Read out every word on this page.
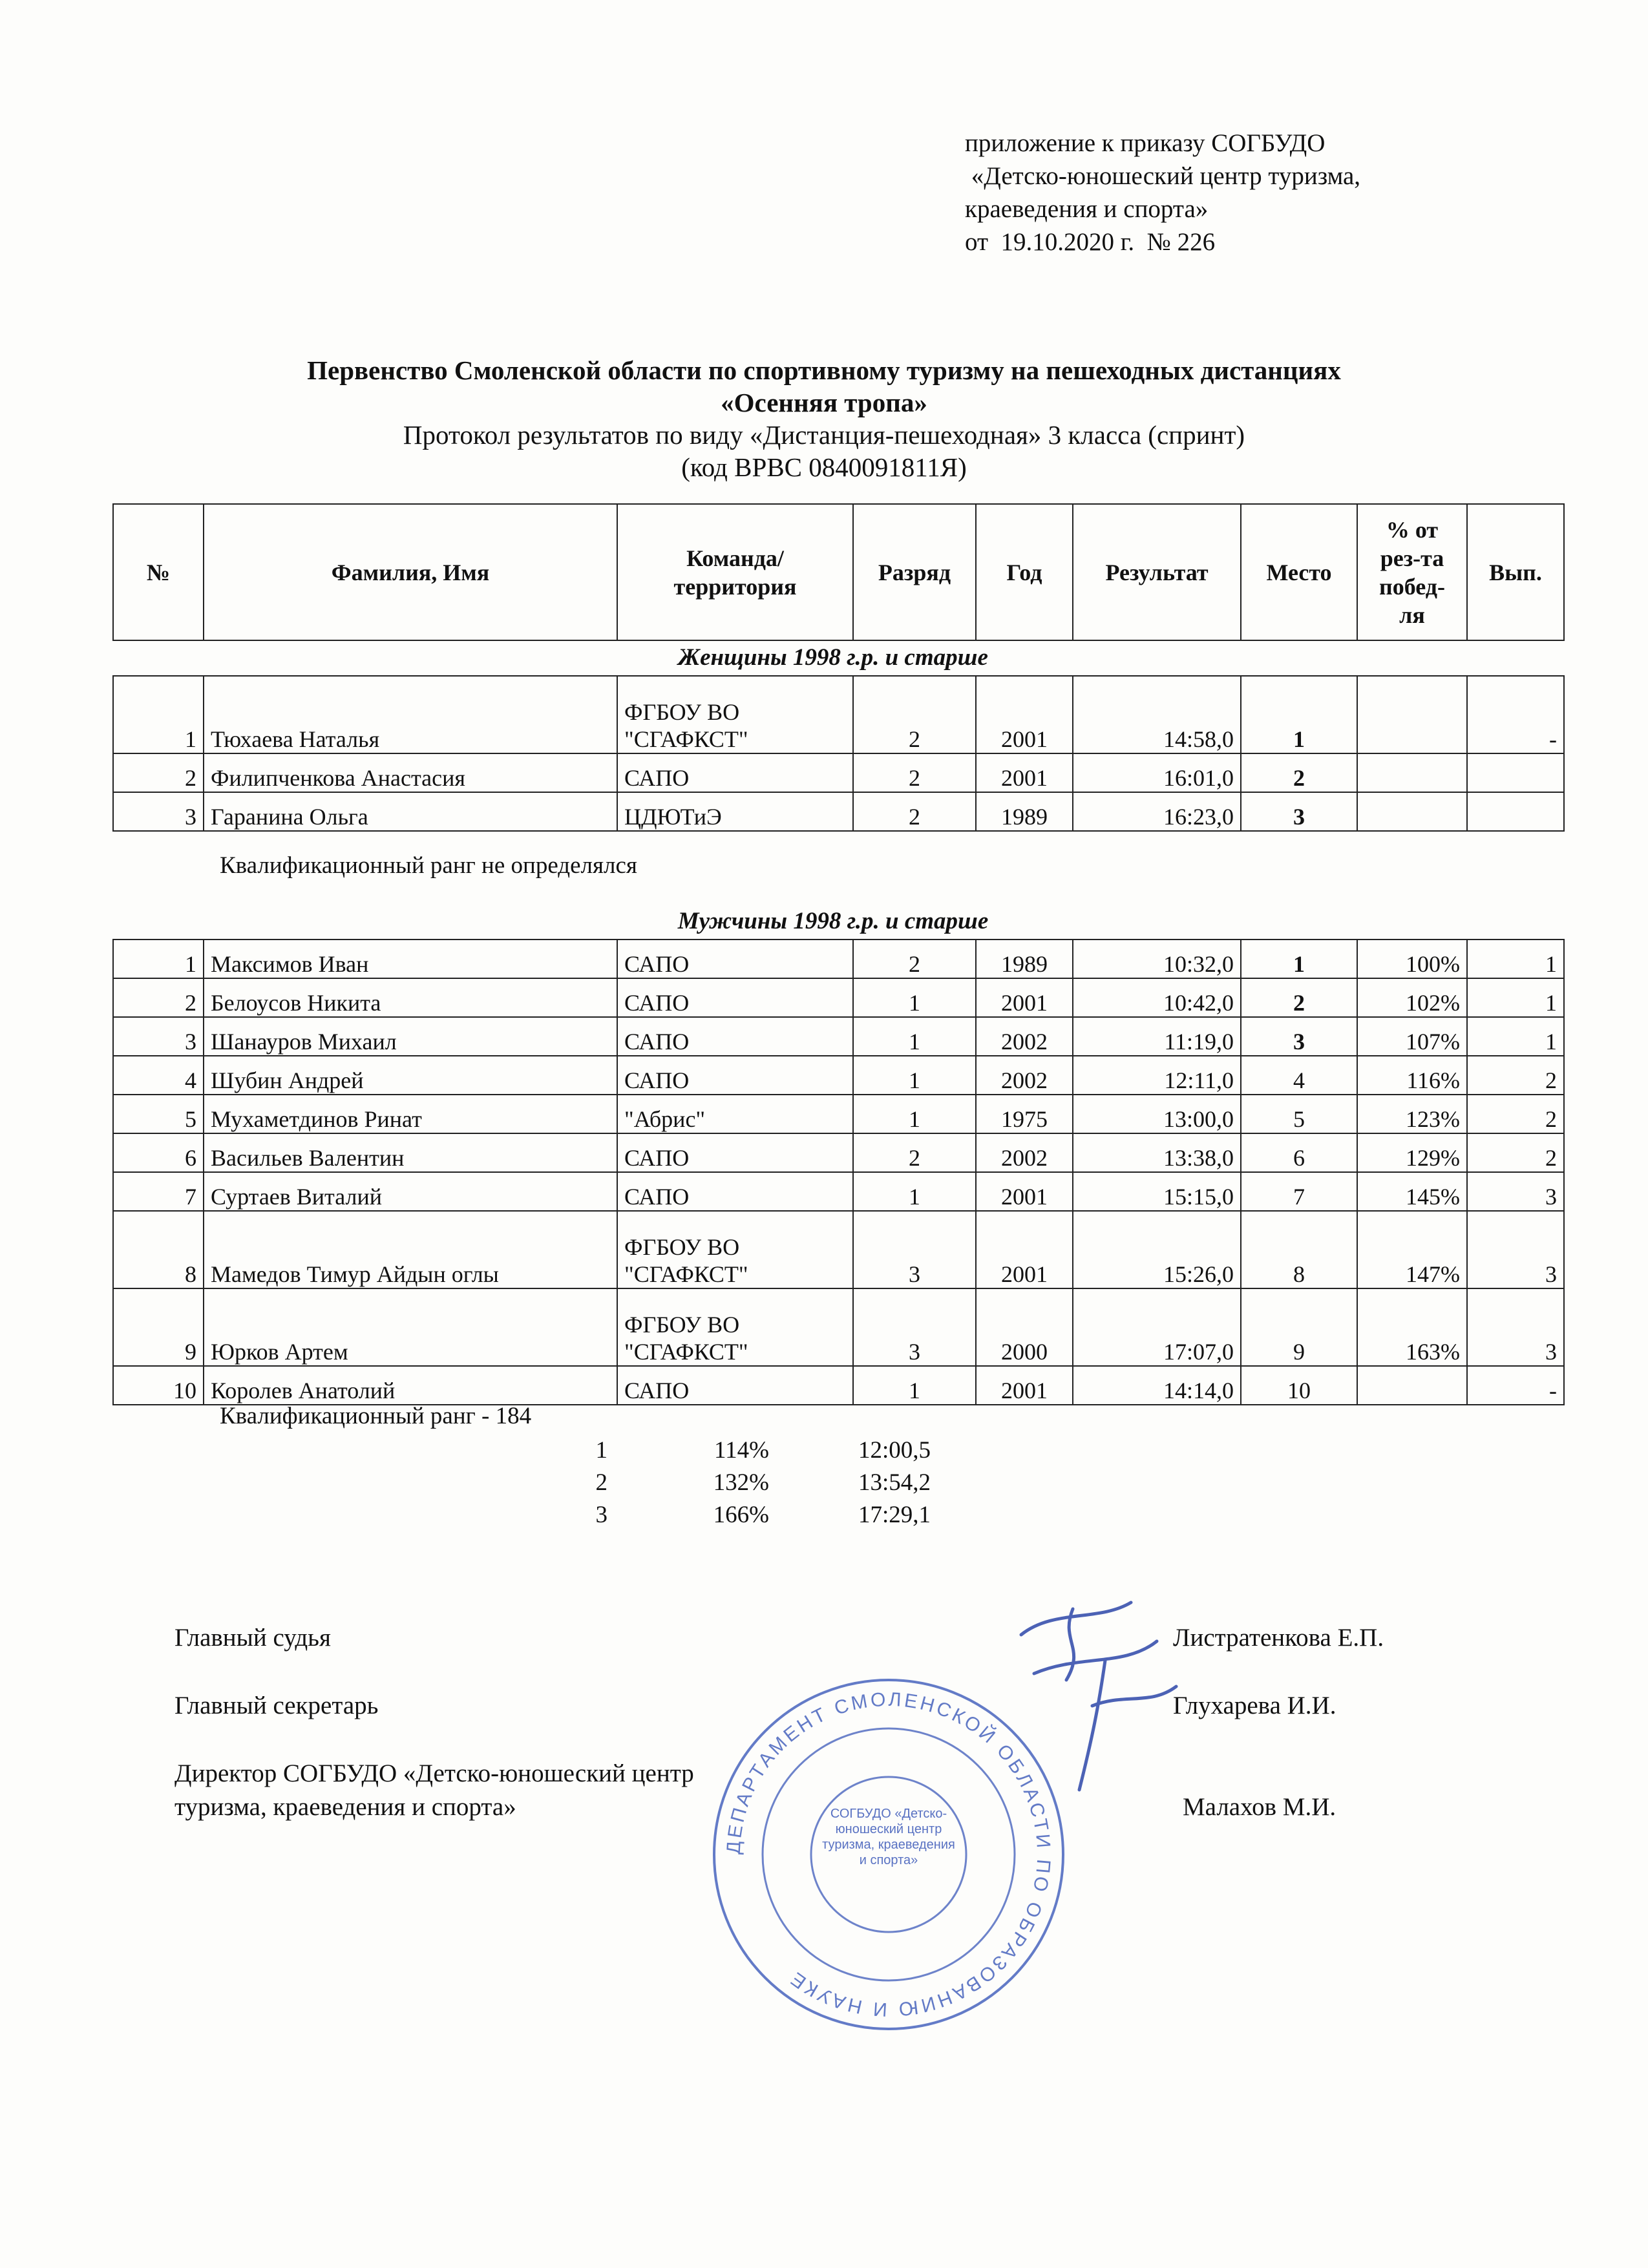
приложение к приказу СОГБУДО
«Детско-юношеский центр туризма,
краеведения и спорта»
от  19.10.2020 г.  № 226
Первенство Смоленской области по спортивному туризму на пешеходных дистанциях
«Осенняя тропа»
Протокол результатов по виду «Дистанция-пешеходная» 3 класса (спринт)
(код ВРВС 0840091811Я)
№	Фамилия, Имя	Команда/ территория	Разряд	Год	Результат	Место	% от
рез-та
побед-
ля	Вып.
Женщины 1998 г.р. и старше
1	Тюхаева Наталья	ФГБОУ ВО
"СГАФКСТ"	2	2001	14:58,0	1		-
2	Филипченкова Анастасия	САПО	2	2001	16:01,0	2		
3	Гаранина Ольга	ЦДЮТиЭ	2	1989	16:23,0	3		
Квалификационный ранг не определялся
Мужчины 1998 г.р. и старше
1	Максимов Иван	САПО	2	1989	10:32,0	1	100%	1
2	Белоусов Никита	САПО	1	2001	10:42,0	2	102%	1
3	Шанауров Михаил	САПО	1	2002	11:19,0	3	107%	1
4	Шубин Андрей	САПО	1	2002	12:11,0	4	116%	2
5	Мухаметдинов Ринат	"Абрис"	1	1975	13:00,0	5	123%	2
6	Васильев Валентин	САПО	2	2002	13:38,0	6	129%	2
7	Суртаев Виталий	САПО	1	2001	15:15,0	7	145%	3
8	Мамедов Тимур Айдын оглы	ФГБОУ ВО
"СГАФКСТ"	3	2001	15:26,0	8	147%	3
9	Юрков Артем	ФГБОУ ВО
"СГАФКСТ"	3	2000	17:07,0	9	163%	3
10	Королев Анатолий	САПО	1	2001	14:14,0	10		-
Квалификационный ранг - 184
1	114%	12:00,5
2	132%	13:54,2
3	166%	17:29,1
Главный судья	Листратенкова Е.П.
Главный секретарь	Глухарева И.И.
Директор СОГБУДО «Детско-юношеский центр
туризма, краеведения и спорта»	Малахов М.И.
ДЕПАРТАМЕНТ СМОЛЕНСКОЙ ОБЛАСТИ ПО ОБРАЗОВАНИЮ И НАУКЕ
СОГБУДО «Детско-юношеский центр туризма, краеведения и спорта»
